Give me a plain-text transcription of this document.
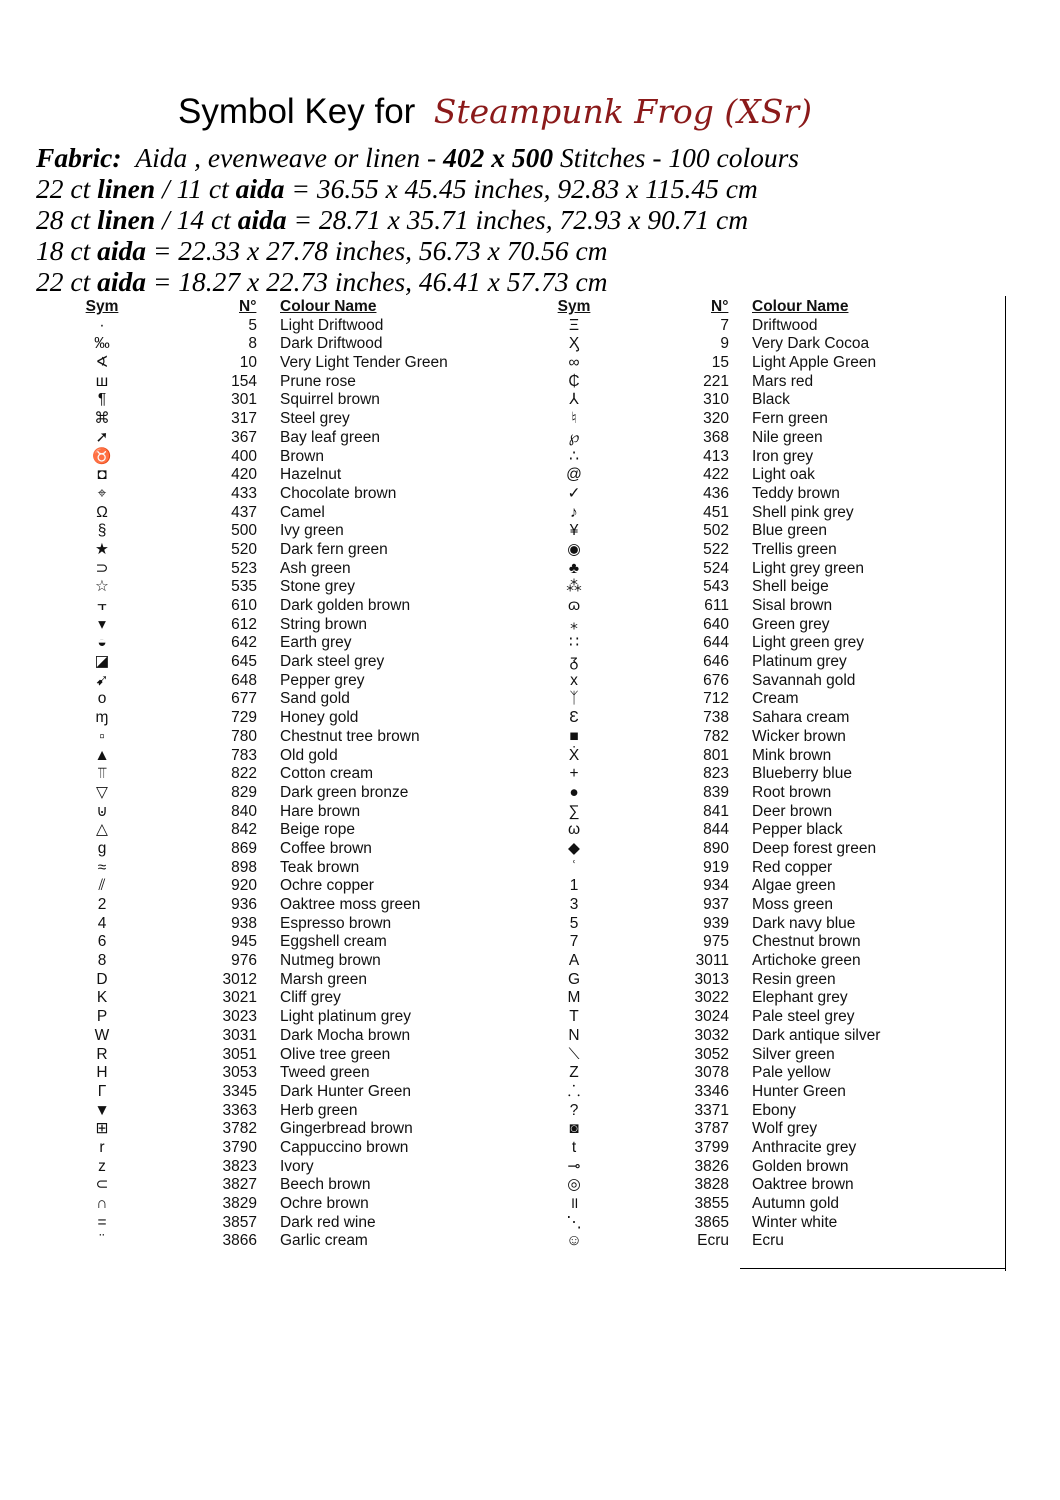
Symbol Key for Steampunk Frog (XSr)
Fabric: Aida , evenweave or linen - 402 x 500 Stitches - 100 colours
22 ct linen / 11 ct aida = 36.55 x 45.45 inches, 92.83 x 115.45 cm
28 ct linen / 14 ct aida = 28.71 x 35.71 inches, 72.93 x 90.71 cm
18 ct aida = 22.33 x 27.78 inches, 56.73 x 70.56 cm
22 ct aida = 18.27 x 22.73 inches, 46.41 x 57.73 cm
Sym	N° Colour Name
·	5 Light Driftwood
‰	8 Dark Driftwood
∢	10 Very Light Tender Green
ш	154 Prune rose
¶	301 Squirrel brown
⌘	317 Steel grey
➚	367 Bay leaf green
♉	400 Brown
◘	420 Hazelnut
⌖	433 Chocolate brown
Ω	437 Camel
§	500 Ivy green
★	520 Dark fern green
⊃	523 Ash green
☆	535 Stone grey
⫟	610 Dark golden brown
▾	612 String brown
◒	642 Earth grey
◪	645 Dark steel grey
➹	648 Pepper grey
o	677 Sand gold
ɱ	729 Honey gold
▫	780 Chestnut tree brown
▲	783 Old gold
⫪	822 Cotton cream
▽	829 Dark green bronze
⊍	840 Hare brown
△	842 Beige rope
g	869 Coffee brown
≈	898 Teak brown
⫽	920 Ochre copper
2	936 Oaktree moss green
4	938 Espresso brown
6	945 Eggshell cream
8	976 Nutmeg brown
D	3012 Marsh green
K	3021 Cliff grey
P	3023 Light platinum grey
W	3031 Dark Mocha brown
R	3051 Olive tree green
H	3053 Tweed green
Γ	3345 Dark Hunter Green
▼	3363 Herb green
⊞	3782 Gingerbread brown
r	3790 Cappuccino brown
z	3823 Ivory
⊂	3827 Beech brown
∩	3829 Ochre brown
=	3857 Dark red wine
¨	3866 Garlic cream
Sym	N° Colour Name
Ξ	7 Driftwood
Ӽ	9 Very Dark Cocoa
∞	15 Light Apple Green
₵	221 Mars red
⅄	310 Black
♮	320 Fern green
℘	368 Nile green
∴	413 Iron grey
@	422 Light oak
✓	436 Teddy brown
♪	451 Shell pink grey
¥	502 Blue green
◉	522 Trellis green
♣	524 Light grey green
⁂	543 Shell beige
ɷ	611 Sisal brown
⁎	640 Green grey
∷	644 Light green grey
ᵹ	646 Platinum grey
x	676 Savannah gold
ᛉ	712 Cream
Ɛ	738 Sahara cream
■	782 Wicker brown
Ẋ	801 Mink brown
+	823 Blueberry blue
●	839 Root brown
∑	841 Deer brown
ω	844 Pepper black
◆	890 Deep forest green
ʿ	919 Red copper
1	934 Algae green
3	937 Moss green
5	939 Dark navy blue
7	975 Chestnut brown
A	3011 Artichoke green
G	3013 Resin green
M	3022 Elephant grey
T	3024 Pale steel grey
N	3032 Dark antique silver
⟍	3052 Silver green
Z	3078 Pale yellow
⸫	3346 Hunter Green
?	3371 Ebony
◙	3787 Wolf grey
t	3799 Anthracite grey
⊸	3826 Golden brown
◎	3828 Oaktree brown
॥	3855 Autumn gold
⋱	3865 Winter white
☺	Ecru Ecru
